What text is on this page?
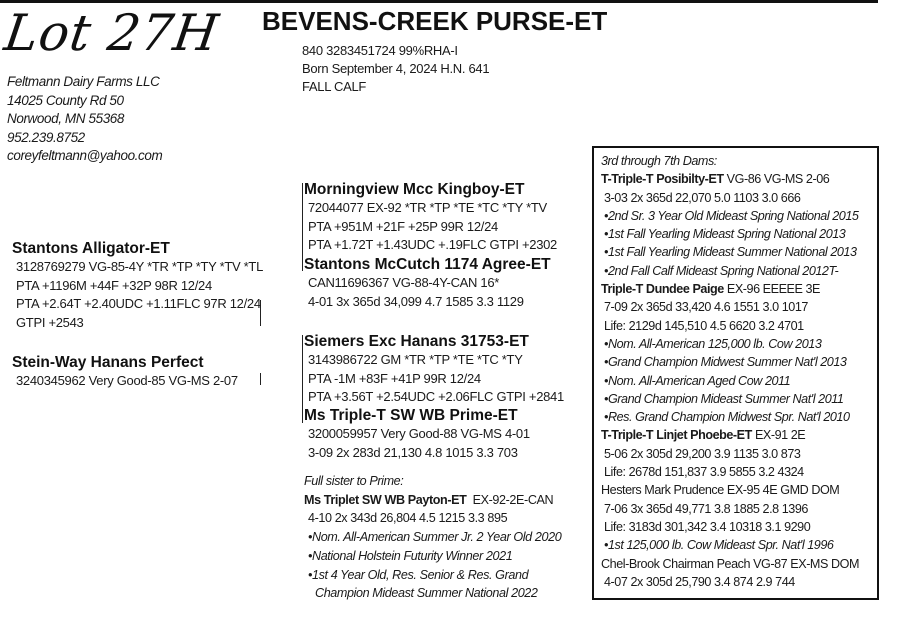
Lot 27H BEVENS-CREEK PURSE-ET
840 3283451724 99%RHA-I
Born September 4, 2024 H.N. 641
FALL CALF
Feltmann Dairy Farms LLC
14025 County Rd 50
Norwood, MN 55368
952.239.8752
coreyfeltmann@yahoo.com
Morningview Mcc Kingboy-ET
72044077 EX-92 *TR *TP *TE *TC *TY *TV
PTA +951M +21F +25P 99R 12/24
PTA +1.72T +1.43UDC +.19FLC GTPI +2302
Stantons Alligator-ET
3128769279 VG-85-4Y *TR *TP *TY *TV *TL
PTA +1196M +44F +32P 98R 12/24
PTA +2.64T +2.40UDC +1.11FLC 97R 12/24
GTPI +2543
Stantons McCutch 1174 Agree-ET
CAN11696367 VG-88-4Y-CAN 16*
4-01 3x 365d 34,099 4.7 1585 3.3 1129
Stein-Way Hanans Perfect
3240345962 Very Good-85 VG-MS 2-07
Siemers Exc Hanans 31753-ET
3143986722 GM *TR *TP *TE *TC *TY
PTA -1M +83F +41P 99R 12/24
PTA +3.56T +2.54UDC +2.06FLC GTPI +2841
Ms Triple-T SW WB Prime-ET
3200059957 Very Good-88 VG-MS 4-01
3-09 2x 283d 21,130 4.8 1015 3.3 703
Full sister to Prime:
Ms Triplet SW WB Payton-ET EX-92-2E-CAN
4-10 2x 343d 26,804 4.5 1215 3.3 895
•Nom. All-American Summer Jr. 2 Year Old 2020
•National Holstein Futurity Winner 2021
•1st 4 Year Old, Res. Senior & Res. Grand
Champion Mideast Summer National 2022
3rd through 7th Dams:
T-Triple-T Posibilty-ET VG-86 VG-MS 2-06
3-03 2x 365d 22,070 5.0 1103 3.0 666
•2nd Sr. 3 Year Old Mideast Spring National 2015
•1st Fall Yearling Mideast Spring National 2013
•1st Fall Yearling Mideast Summer National 2013
•2nd Fall Calf Mideast Spring National 2012T-
Triple-T Dundee Paige EX-96 EEEEE 3E
7-09 2x 365d 33,420 4.6 1551 3.0 1017
Life: 2129d 145,510 4.5 6620 3.2 4701
•Nom. All-American 125,000 lb. Cow 2013
•Grand Champion Midwest Summer Nat'l 2013
•Nom. All-American Aged Cow 2011
•Grand Champion Mideast Summer Nat'l 2011
•Res. Grand Champion Midwest Spr. Nat'l 2010
T-Triple-T Linjet Phoebe-ET EX-91 2E
5-06 2x 305d 29,200 3.9 1135 3.0 873
Life: 2678d 151,837 3.9 5855 3.2 4324
Hesters Mark Prudence EX-95 4E GMD DOM
7-06 3x 365d 49,771 3.8 1885 2.8 1396
Life: 3183d 301,342 3.4 10318 3.1 9290
•1st 125,000 lb. Cow Mideast Spr. Nat'l 1996
Chel-Brook Chairman Peach VG-87 EX-MS DOM
4-07 2x 305d 25,790 3.4 874 2.9 744
